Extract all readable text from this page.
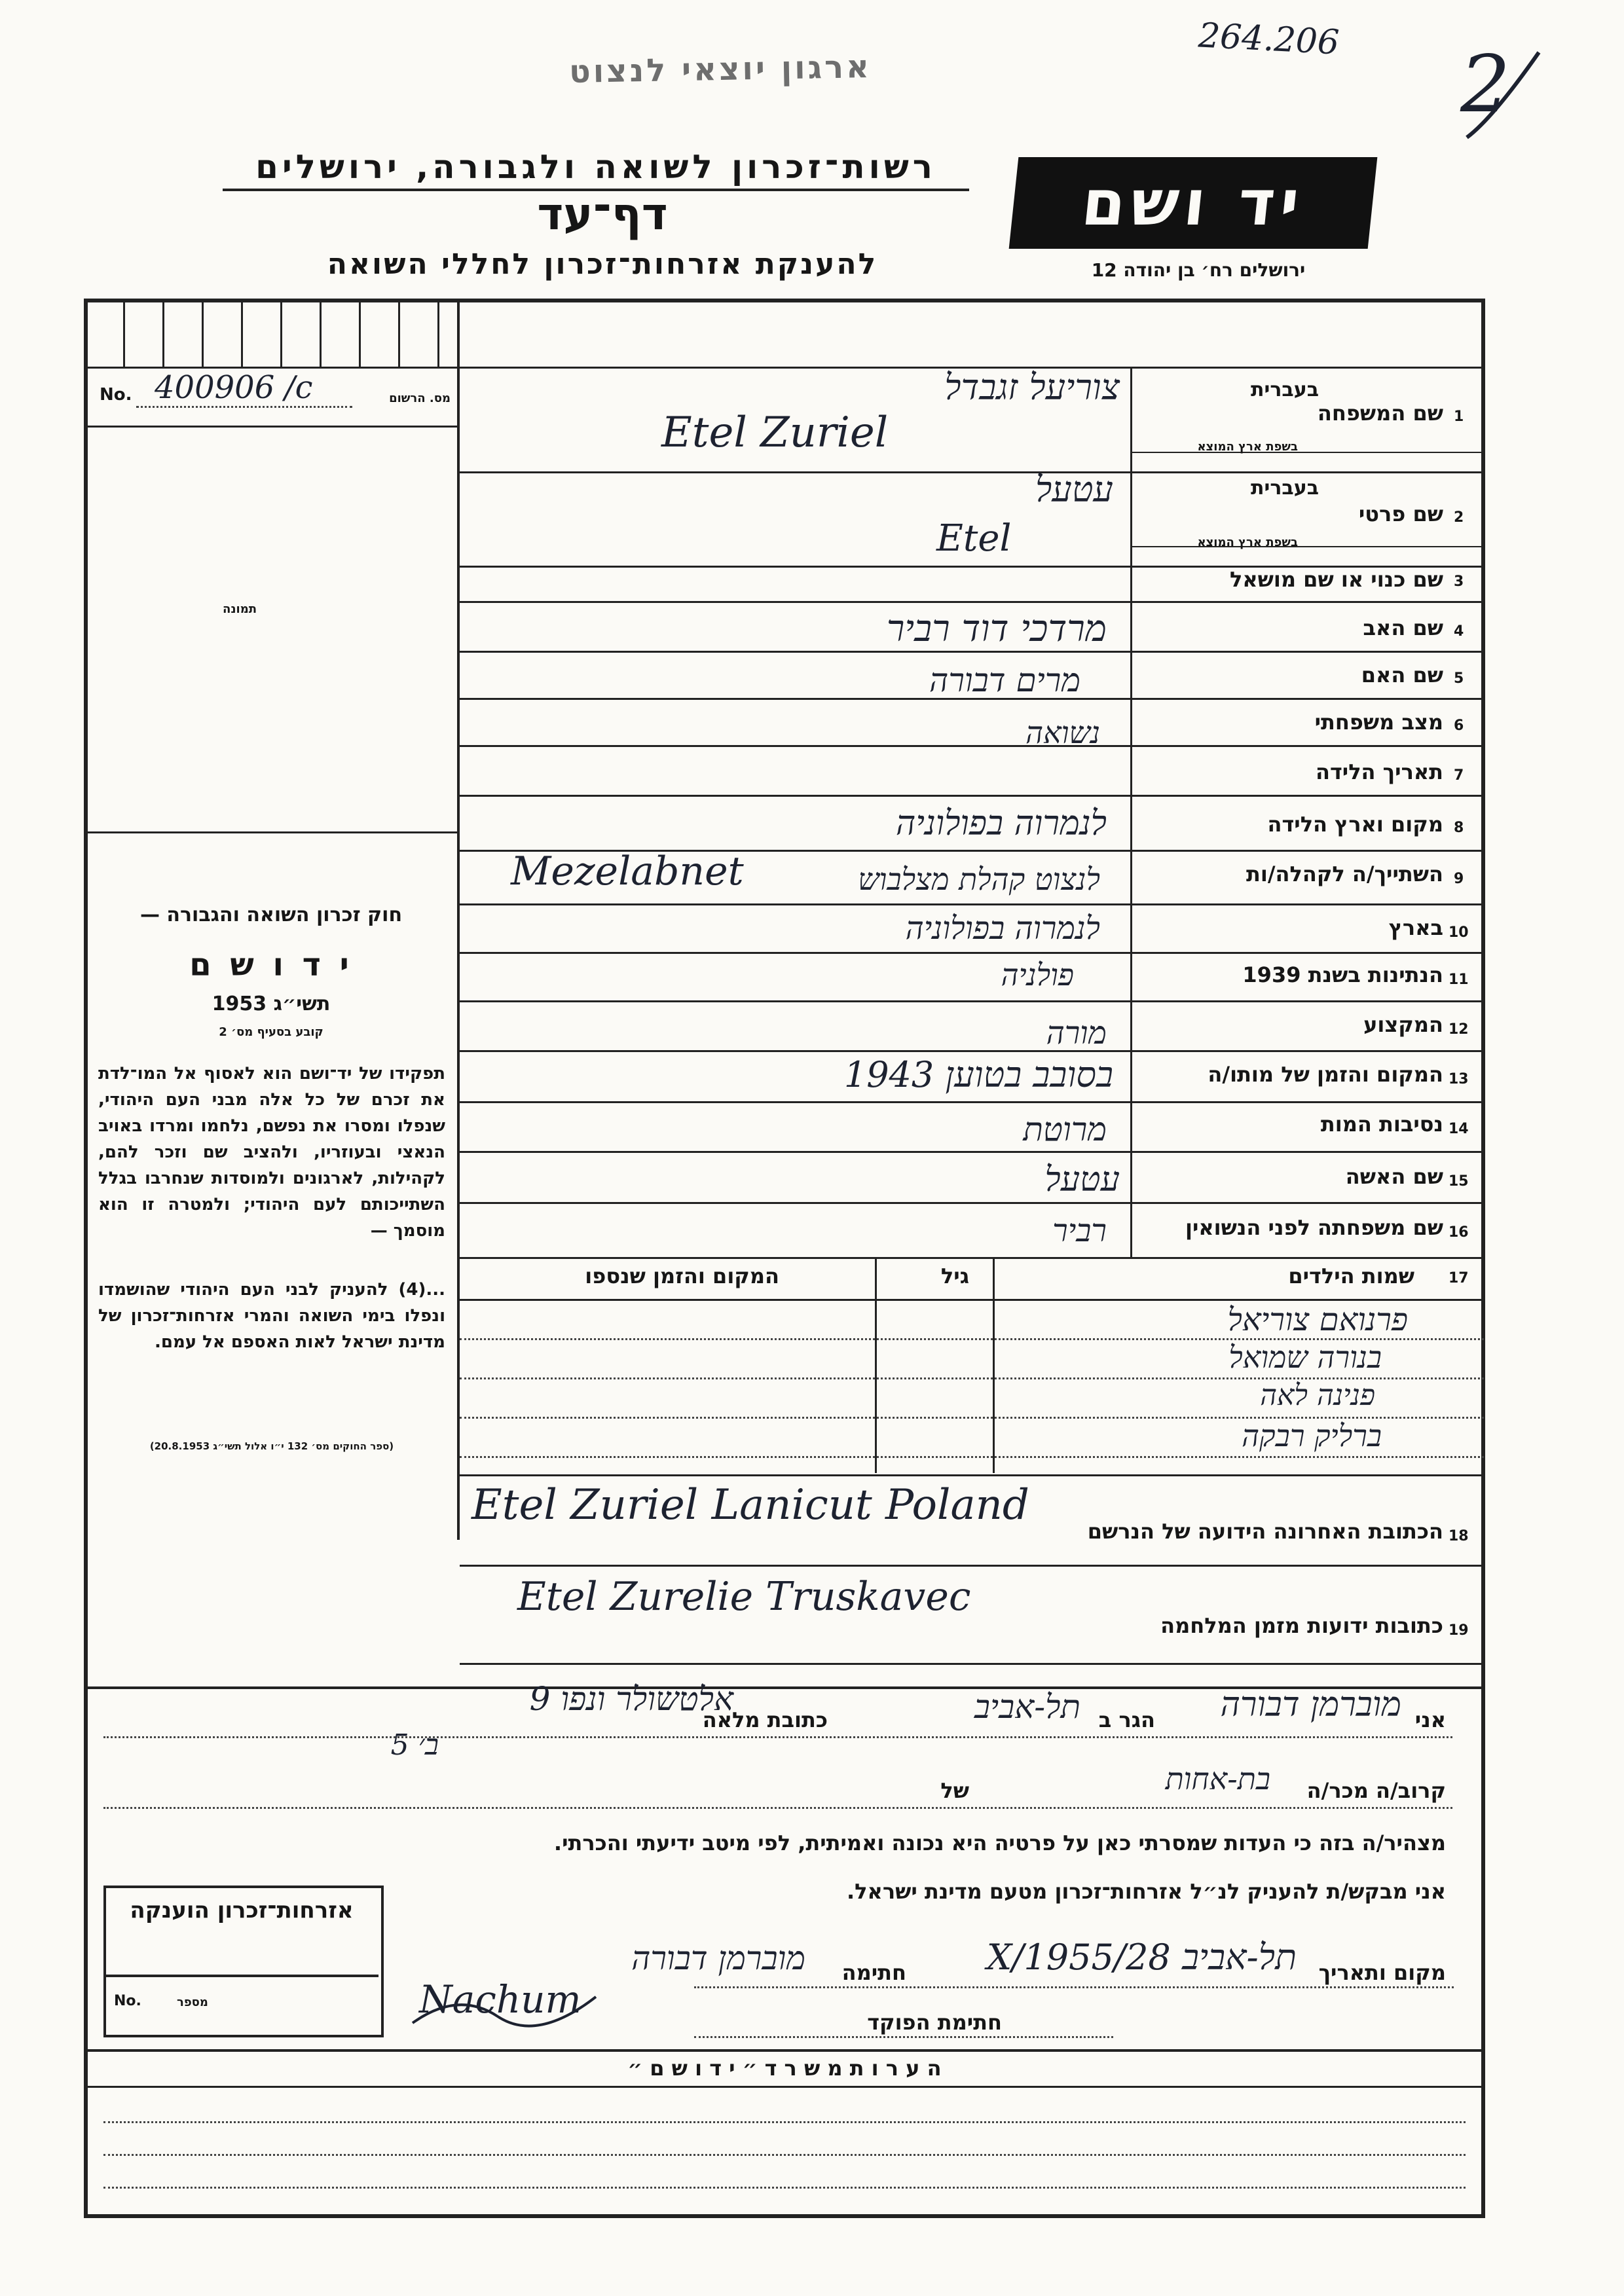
ארגון יוצאי לנצוט
264.206 2
רשות־זכרון לשואה ולגבורה, ירושלים
דף־עד
להענקת אזרחות־זכרון לחללי השואה
יד ושם
ירושלים רח׳ בן יהודה 12
No. 400906 /c	מס. הרשום
תמונה
חוק זכרון השואה והגבורה —
י ד ו ש ם
תשי״ג 1953
קובע בסעיף מס׳ 2
תפקידו של יד־ושם הוא לאסוף אל המו־לדת את זכרם של כל אלה מבני העם היהודי, שנפלו ומסרו את נפשם, נלחמו ומרדו באויב הנאצי ובעוזריו, ולהציב שם וזכר להם, לקהילות, לארגונים ולמוסדות שנחרבו בגלל השתייכותם לעם היהודי; ולמטרה זו הוא מוסמך —
...(4) להעניק לבני העם היהודי שהושמדו ונפלו בימי השואה והמרי אזרחות־זכרון של מדינת ישראל לאות האספם אל עמם.
(ספר החוקים מס׳ 132 י״ו אלול תשי״ג 20.8.1953)
1
שם המשפחה
בעברית
בשפת ארץ המוצא
צוריעל זגבדל
Etel Zuriel
2
שם פרטי
בעברית
בשפת ארץ המוצא
עטעל
Etel
3
שם כנוי או שם מושאל
4
שם האב
מרדכי דוד רביר
5
שם האם
מרים דבורה
6
מצב משפחתי
נשואה
7
תאריך הלידה
8
מקום וארץ הלידה
לנמרוה בפולוניה
9
השתייך/ה לקהלה/ות
לנצוט קהלת מצלבוש
Mezelabnet
10
בארץ
לנמרוה בפולוניה
11
הנתינות בשנת 1939
פולניה
12
המקצוע
מורה
13
המקום והזמן של מותו/ה
בסובב בטוען 1943
14
נסיבות המות
מרוטת
15
שם האשה
עטעל
16
שם משפחתה לפני הנשואין
רביר
17
שמות הילדים
גיל
המקום והזמן שנספו
פרנואם צוריאל
בנורה שמואל
פנינה לאה
ברליק רבקה
18
הכתובת האחרונה הידועה של הנרשם
Etel Zuriel Lanicut Poland
19
כתובות ידועות מזמן המלחמה
Etel Zurelie Truskavec
אני
מוברמן דבורה
הגר ב
תל-אביב
כתובת מלאה
אלטשולר ונפו 9
ב׳ 5
קרוב/ה מכר/ה
בת-אחות
של
מצהיר/ה בזה כי העדות שמסרתי כאן על פרטיה היא נכונה ואמיתית, לפי מיטב ידיעתי והכרתי.
אני מבקש/ת להעניק לנ״ל אזרחות־זכרון מטעם מדינת ישראל.
מקום ותאריך
תל-אביב 28/X/1955
חתימה
מוברמן דבורה
חתימת הפוקד
Nachum
אזרחות־זכרון הוענקה
No.	מספר
ה ע ר ו ת מ ש ר ד ״ י ד ו ש ם ״
